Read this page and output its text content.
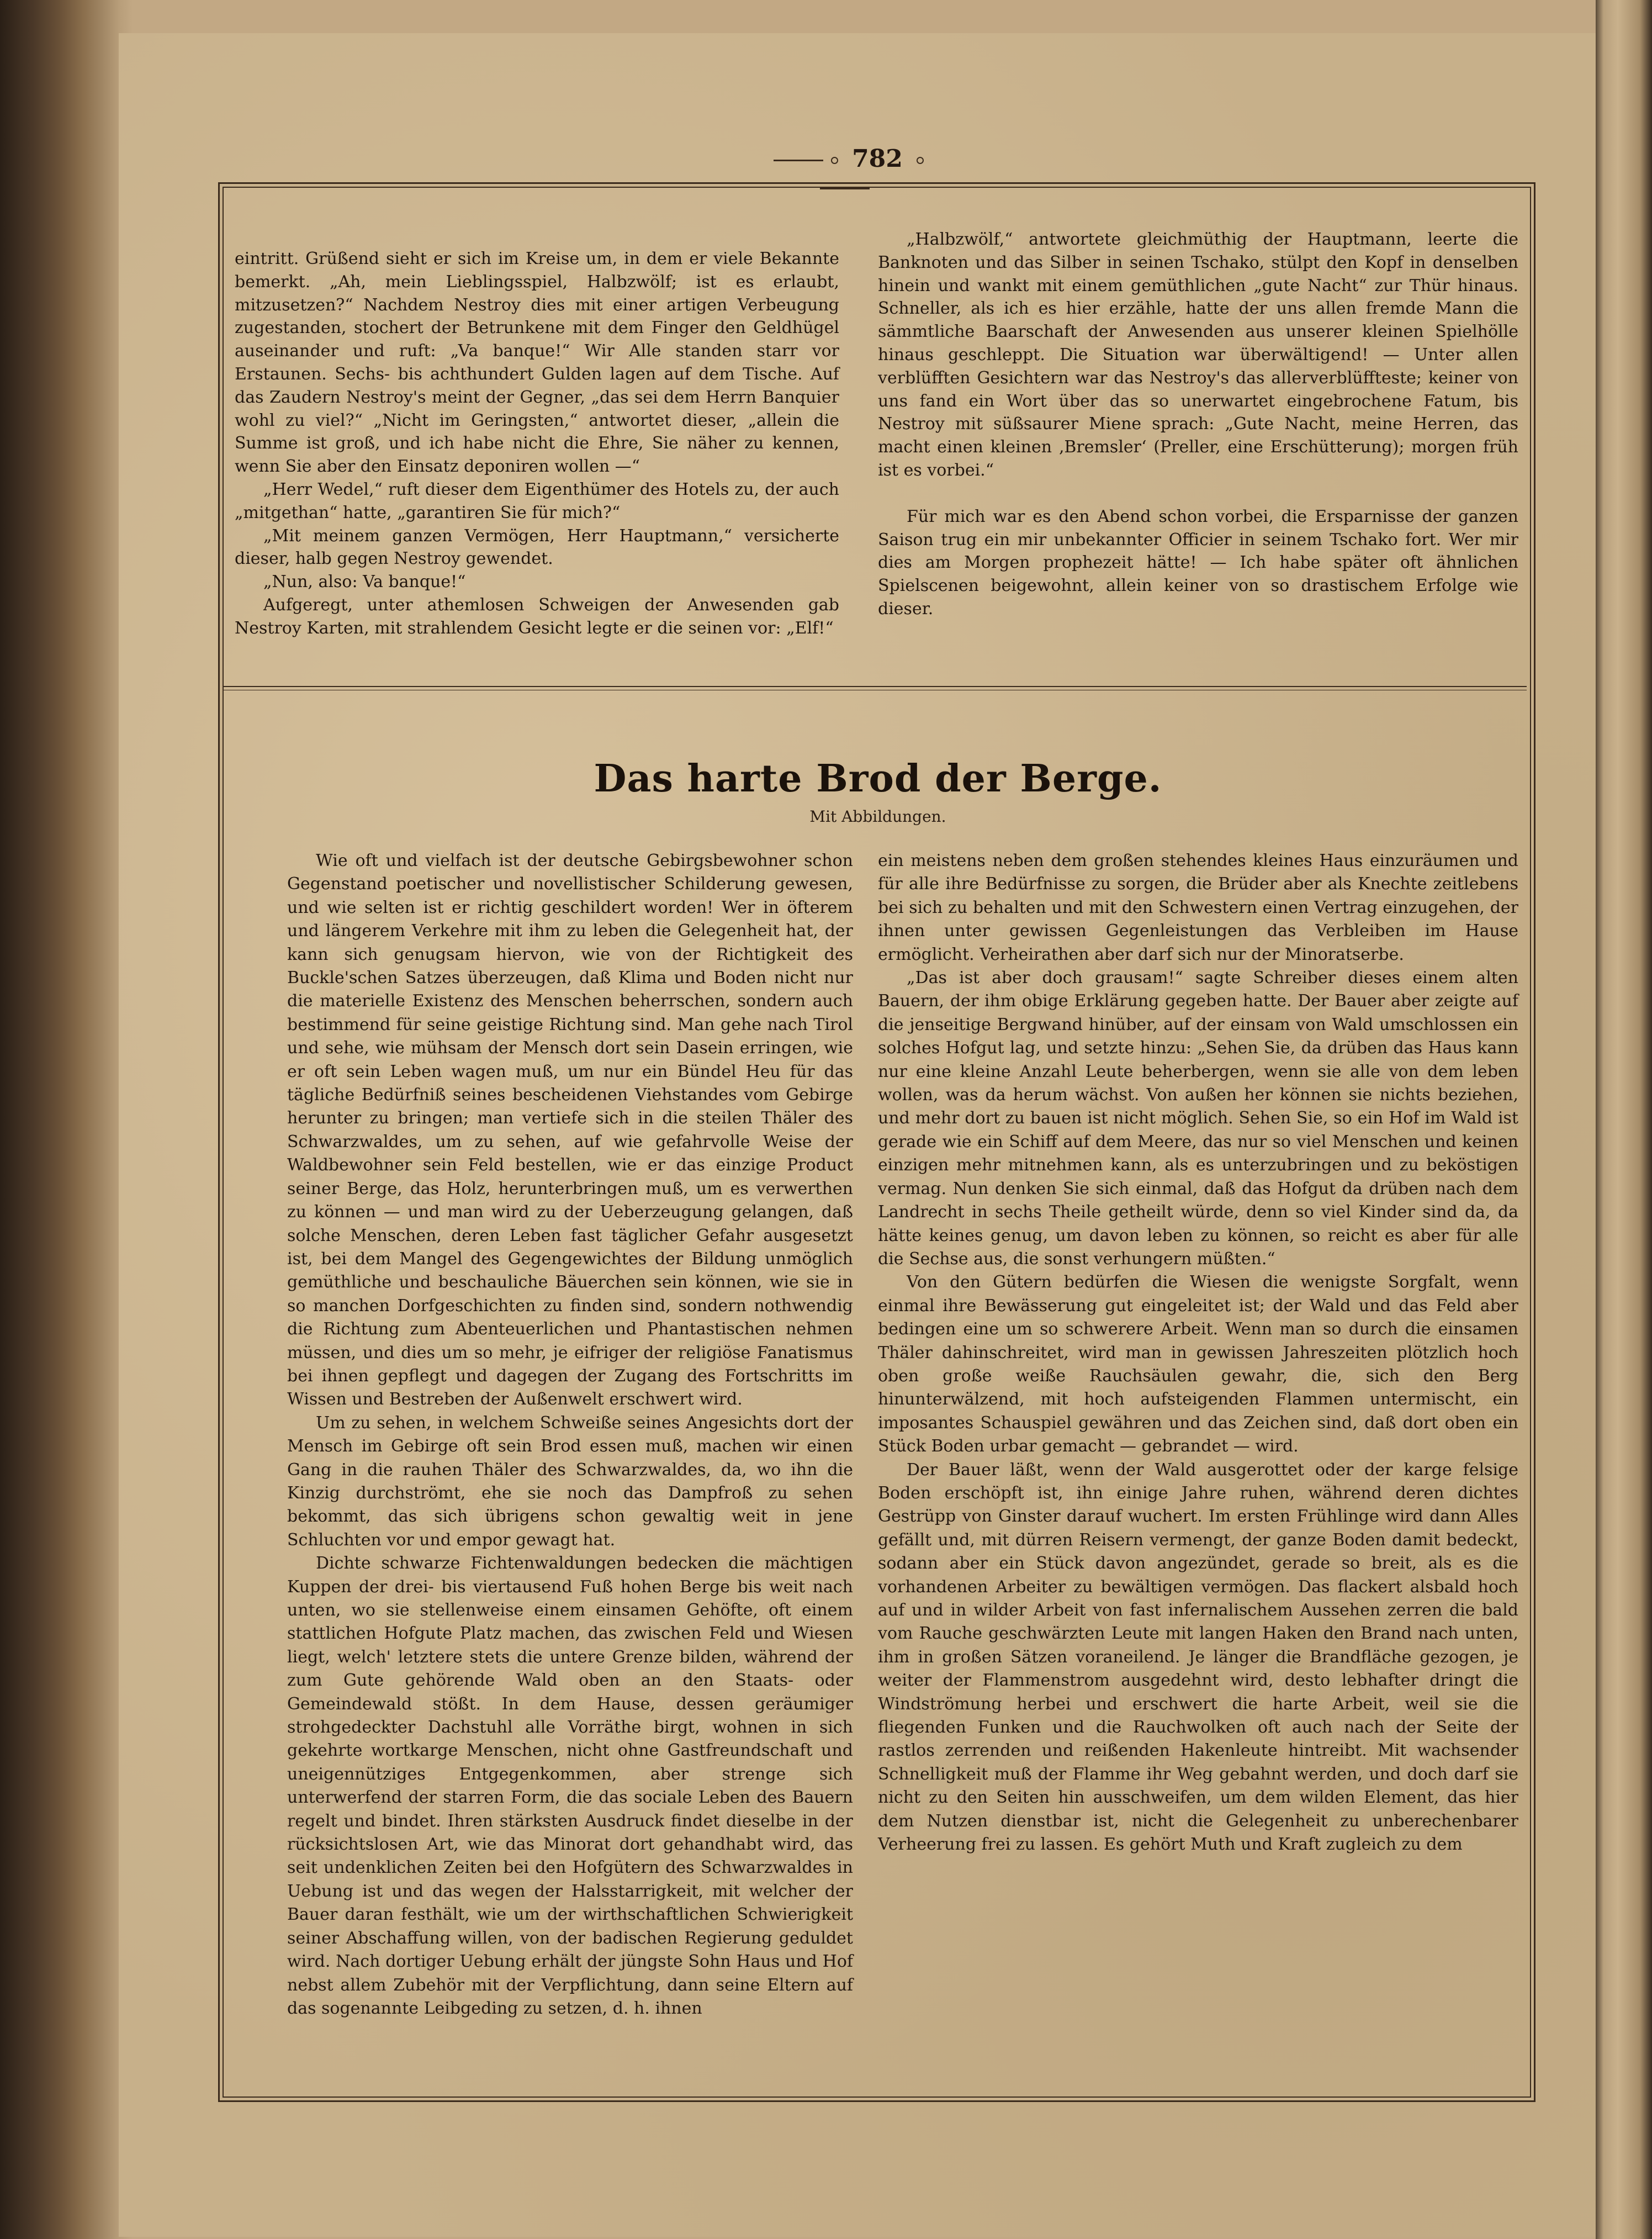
782

eintritt. Grüßend sieht er sich im Kreise um, in dem er viele Bekannte bemerkt. „Ah, mein Lieblingsspiel, Halbzwölf; ist es erlaubt, mitzusetzen?“ Nachdem Nestroy dies mit einer artigen Verbeugung zugestanden, stochert der Betrunkene mit dem Finger den Geldhügel auseinander und ruft: „Va banque!“ Wir Alle standen starr vor Erstaunen. Sechs- bis achthundert Gulden lagen auf dem Tische. Auf das Zaudern Nestroy's meint der Gegner, „das sei dem Herrn Banquier wohl zu viel?“ „Nicht im Geringsten,“ antwortet dieser, „allein die Summe ist groß, und ich habe nicht die Ehre, Sie näher zu kennen, wenn Sie aber den Einsatz deponiren wollen —“

„Herr Wedel,“ ruft dieser dem Eigenthümer des Hotels zu, der auch „mitgethan“ hatte, „garantiren Sie für mich?“

„Mit meinem ganzen Vermögen, Herr Hauptmann,“ versicherte dieser, halb gegen Nestroy gewendet.

„Nun, also: Va banque!“

Aufgeregt, unter athemlosen Schweigen der Anwesenden gab Nestroy Karten, mit strahlendem Gesicht legte er die seinen vor: „Elf!“

„Halbzwölf,“ antwortete gleichmüthig der Hauptmann, leerte die Banknoten und das Silber in seinen Tschako, stülpt den Kopf in denselben hinein und wankt mit einem gemüthlichen „gute Nacht“ zur Thür hinaus. Schneller, als ich es hier erzähle, hatte der uns allen fremde Mann die sämmtliche Baarschaft der Anwesenden aus unserer kleinen Spielhölle hinaus geschleppt. Die Situation war überwältigend! — Unter allen verblüfften Gesichtern war das Nestroy's das allerverblüffteste; keiner von uns fand ein Wort über das so unerwartet eingebrochene Fatum, bis Nestroy mit süßsaurer Miene sprach: „Gute Nacht, meine Herren, das macht einen kleinen ‚Bremsler‘ (Preller, eine Erschütterung); morgen früh ist es vorbei.“

Für mich war es den Abend schon vorbei, die Ersparnisse der ganzen Saison trug ein mir unbekannter Officier in seinem Tschako fort. Wer mir dies am Morgen prophezeit hätte! — Ich habe später oft ähnlichen Spielscenen beigewohnt, allein keiner von so drastischem Erfolge wie dieser.

Das harte Brod der Berge.
Mit Abbildungen.

Wie oft und vielfach ist der deutsche Gebirgsbewohner schon Gegenstand poetischer und novellistischer Schilderung gewesen, und wie selten ist er richtig geschildert worden! Wer in öfterem und längerem Verkehre mit ihm zu leben die Gelegenheit hat, der kann sich genugsam hiervon, wie von der Richtigkeit des Buckle'schen Satzes überzeugen, daß Klima und Boden nicht nur die materielle Existenz des Menschen beherrschen, sondern auch bestimmend für seine geistige Richtung sind. Man gehe nach Tirol und sehe, wie mühsam der Mensch dort sein Dasein erringen, wie er oft sein Leben wagen muß, um nur ein Bündel Heu für das tägliche Bedürfniß seines bescheidenen Viehstandes vom Gebirge herunter zu bringen; man vertiefe sich in die steilen Thäler des Schwarzwaldes, um zu sehen, auf wie gefahrvolle Weise der Waldbewohner sein Feld bestellen, wie er das einzige Product seiner Berge, das Holz, herunterbringen muß, um es verwerthen zu können — und man wird zu der Ueberzeugung gelangen, daß solche Menschen, deren Leben fast täglicher Gefahr ausgesetzt ist, bei dem Mangel des Gegengewichtes der Bildung unmöglich gemüthliche und beschauliche Bäuerchen sein können, wie sie in so manchen Dorfgeschichten zu finden sind, sondern nothwendig die Richtung zum Abenteuerlichen und Phantastischen nehmen müssen, und dies um so mehr, je eifriger der religiöse Fanatismus bei ihnen gepflegt und dagegen der Zugang des Fortschritts im Wissen und Bestreben der Außenwelt erschwert wird.

Um zu sehen, in welchem Schweiße seines Angesichts dort der Mensch im Gebirge oft sein Brod essen muß, machen wir einen Gang in die rauhen Thäler des Schwarzwaldes, da, wo ihn die Kinzig durchströmt, ehe sie noch das Dampfroß zu sehen bekommt, das sich übrigens schon gewaltig weit in jene Schluchten vor und empor gewagt hat.

Dichte schwarze Fichtenwaldungen bedecken die mächtigen Kuppen der drei- bis viertausend Fuß hohen Berge bis weit nach unten, wo sie stellenweise einem einsamen Gehöfte, oft einem stattlichen Hofgute Platz machen, das zwischen Feld und Wiesen liegt, welch' letztere stets die untere Grenze bilden, während der zum Gute gehörende Wald oben an den Staats- oder Gemeindewald stößt. In dem Hause, dessen geräumiger strohgedeckter Dachstuhl alle Vorräthe birgt, wohnen in sich gekehrte wortkarge Menschen, nicht ohne Gastfreundschaft und uneigennütziges Entgegenkommen, aber strenge sich unterwerfend der starren Form, die das sociale Leben des Bauern regelt und bindet. Ihren stärksten Ausdruck findet dieselbe in der rücksichtslosen Art, wie das Minorat dort gehandhabt wird, das seit undenklichen Zeiten bei den Hofgütern des Schwarzwaldes in Uebung ist und das wegen der Halsstarrigkeit, mit welcher der Bauer daran festhält, wie um der wirthschaftlichen Schwierigkeit seiner Abschaffung willen, von der badischen Regierung geduldet wird. Nach dortiger Uebung erhält der jüngste Sohn Haus und Hof nebst allem Zubehör mit der Verpflichtung, dann seine Eltern auf das sogenannte Leibgeding zu setzen, d. h. ihnen

ein meistens neben dem großen stehendes kleines Haus einzuräumen und für alle ihre Bedürfnisse zu sorgen, die Brüder aber als Knechte zeitlebens bei sich zu behalten und mit den Schwestern einen Vertrag einzugehen, der ihnen unter gewissen Gegenleistungen das Verbleiben im Hause ermöglicht. Verheirathen aber darf sich nur der Minoratserbe.

„Das ist aber doch grausam!“ sagte Schreiber dieses einem alten Bauern, der ihm obige Erklärung gegeben hatte. Der Bauer aber zeigte auf die jenseitige Bergwand hinüber, auf der einsam von Wald umschlossen ein solches Hofgut lag, und setzte hinzu: „Sehen Sie, da drüben das Haus kann nur eine kleine Anzahl Leute beherbergen, wenn sie alle von dem leben wollen, was da herum wächst. Von außen her können sie nichts beziehen, und mehr dort zu bauen ist nicht möglich. Sehen Sie, so ein Hof im Wald ist gerade wie ein Schiff auf dem Meere, das nur so viel Menschen und keinen einzigen mehr mitnehmen kann, als es unterzubringen und zu beköstigen vermag. Nun denken Sie sich einmal, daß das Hofgut da drüben nach dem Landrecht in sechs Theile getheilt würde, denn so viel Kinder sind da, da hätte keines genug, um davon leben zu können, so reicht es aber für alle die Sechse aus, die sonst verhungern müßten.“

Von den Gütern bedürfen die Wiesen die wenigste Sorgfalt, wenn einmal ihre Bewässerung gut eingeleitet ist; der Wald und das Feld aber bedingen eine um so schwerere Arbeit. Wenn man so durch die einsamen Thäler dahinschreitet, wird man in gewissen Jahreszeiten plötzlich hoch oben große weiße Rauchsäulen gewahr, die, sich den Berg hinunterwälzend, mit hoch aufsteigenden Flammen untermischt, ein imposantes Schauspiel gewähren und das Zeichen sind, daß dort oben ein Stück Boden urbar gemacht — gebrandet — wird.

Der Bauer läßt, wenn der Wald ausgerottet oder der karge felsige Boden erschöpft ist, ihn einige Jahre ruhen, während deren dichtes Gestrüpp von Ginster darauf wuchert. Im ersten Frühlinge wird dann Alles gefällt und, mit dürren Reisern vermengt, der ganze Boden damit bedeckt, sodann aber ein Stück davon angezündet, gerade so breit, als es die vorhandenen Arbeiter zu bewältigen vermögen. Das flackert alsbald hoch auf und in wilder Arbeit von fast infernalischem Aussehen zerren die bald vom Rauche geschwärzten Leute mit langen Haken den Brand nach unten, ihm in großen Sätzen voraneilend. Je länger die Brandfläche gezogen, je weiter der Flammenstrom ausgedehnt wird, desto lebhafter dringt die Windströmung herbei und erschwert die harte Arbeit, weil sie die fliegenden Funken und die Rauchwolken oft auch nach der Seite der rastlos zerrenden und reißenden Hakenleute hintreibt. Mit wachsender Schnelligkeit muß der Flamme ihr Weg gebahnt werden, und doch darf sie nicht zu den Seiten hin ausschweifen, um dem wilden Element, das hier dem Nutzen dienstbar ist, nicht die Gelegenheit zu unberechenbarer Verheerung frei zu lassen. Es gehört Muth und Kraft zugleich zu dem
